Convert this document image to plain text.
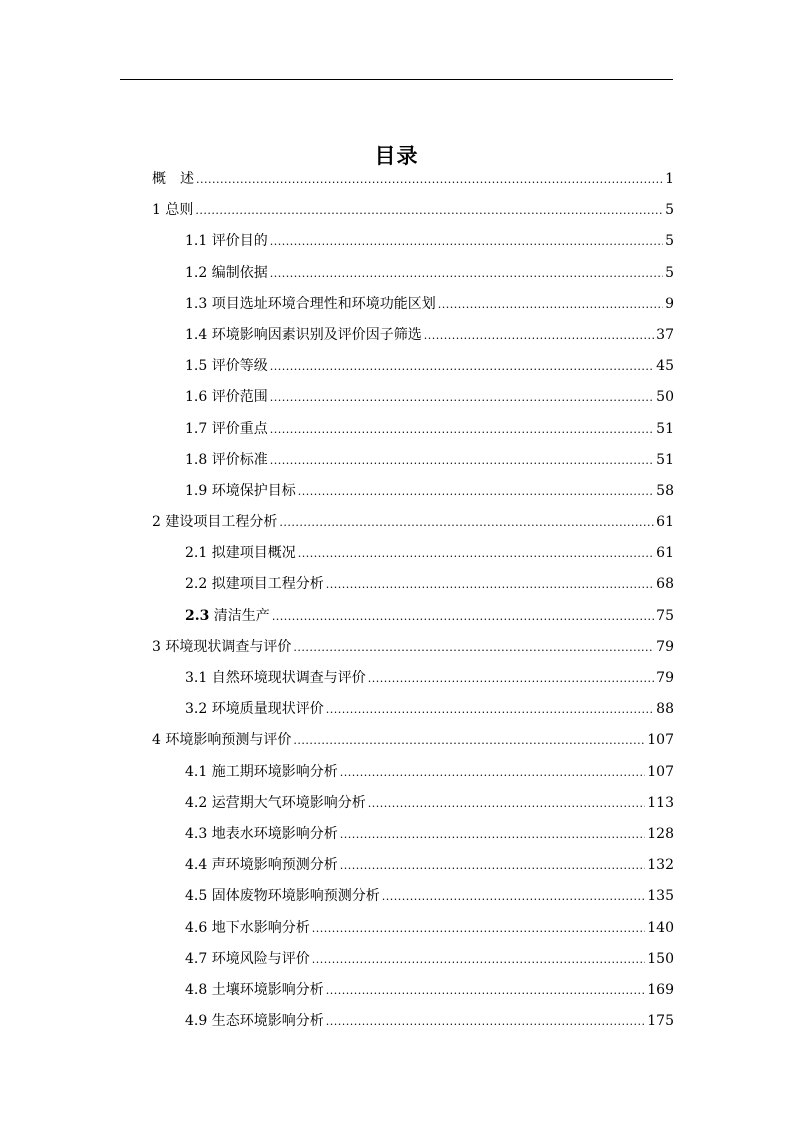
目录
概　述 .....	1
1 总则 .....	5
1.1 评价目的 .....	5
1.2 编制依据 .....	5
1.3 项目选址环境合理性和环境功能区划 .....	9
1.4 环境影响因素识别及评价因子筛选 .....	37
1.5 评价等级 .....	45
1.6 评价范围 .....	50
1.7 评价重点 .....	51
1.8 评价标准 .....	51
1.9 环境保护目标 .....	58
2 建设项目工程分析 .....	61
2.1 拟建项目概况 .....	61
2.2 拟建项目工程分析 .....	68
2.3 清洁生产 .....	75
3 环境现状调查与评价 .....	79
3.1 自然环境现状调查与评价 .....	79
3.2 环境质量现状评价 .....	88
4 环境影响预测与评价 .....	107
4.1 施工期环境影响分析 .....	107
4.2 运营期大气环境影响分析 .....	113
4.3 地表水环境影响分析 .....	128
4.4 声环境影响预测分析 .....	132
4.5 固体废物环境影响预测分析 .....	135
4.6 地下水影响分析 .....	140
4.7 环境风险与评价 .....	150
4.8 土壤环境影响分析 .....	169
4.9 生态环境影响分析 .....	175
